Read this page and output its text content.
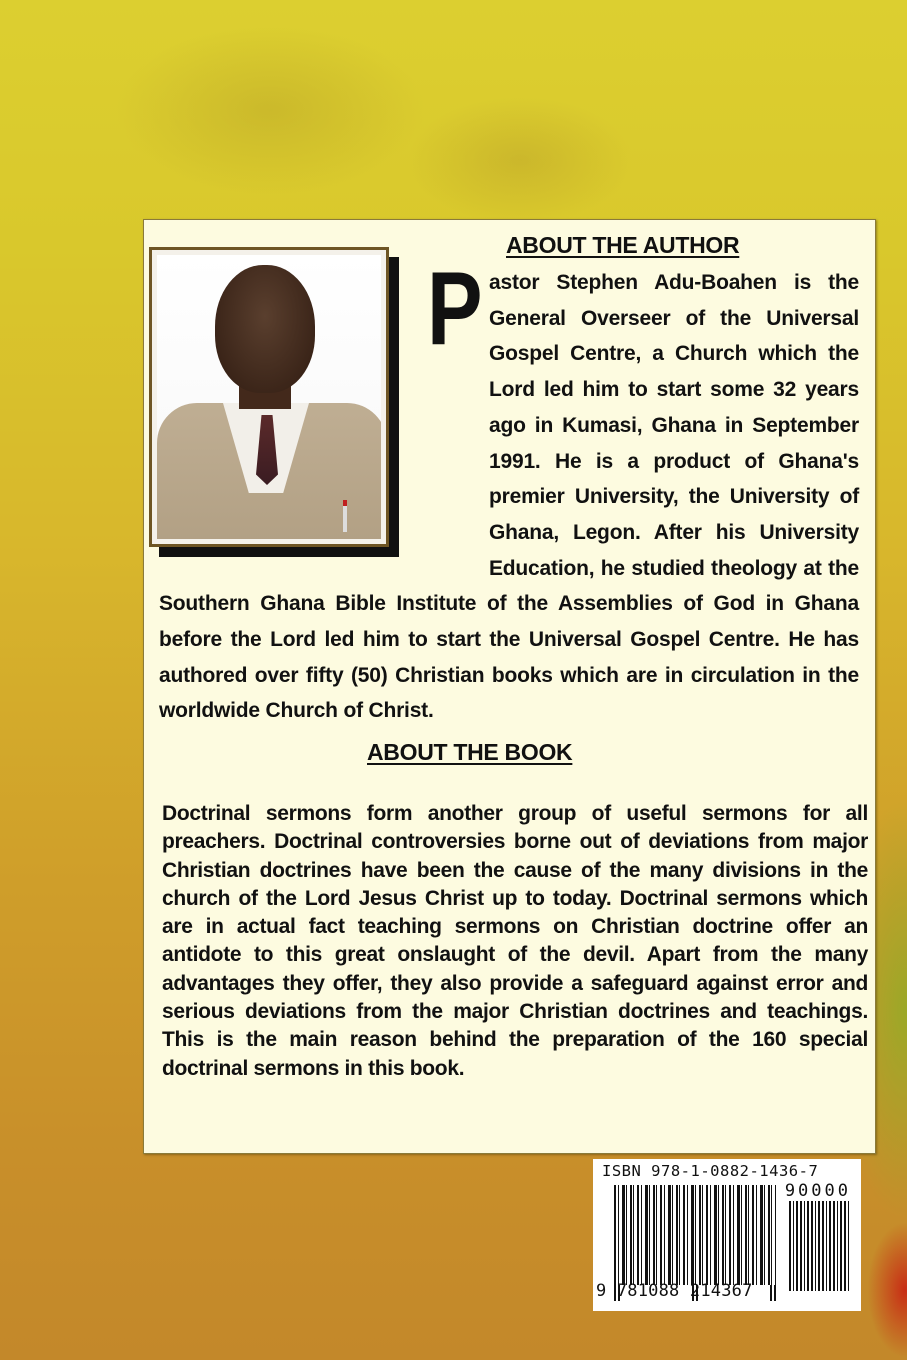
ABOUT THE AUTHOR
P astor Stephen Adu-Boahen is the General Overseer of the Universal Gospel Centre, a Church which the Lord led him to start some 32 years ago in Kumasi, Ghana in September 1991. He is a product of Ghana's premier University, the University of Ghana, Legon. After his University Education, he studied theology at the Southern Ghana Bible Institute of the Assemblies of God in Ghana before the Lord led him to start the Universal Gospel Centre. He has authored over fifty (50) Christian books which are in circulation in the worldwide Church of Christ.

ABOUT THE BOOK

Doctrinal sermons form another group of useful sermons for all preachers. Doctrinal controversies borne out of deviations from major Christian doctrines have been the cause of the many divisions in the church of the Lord Jesus Christ up to today. Doctrinal sermons which are in actual fact teaching sermons on Christian doctrine offer an antidote to this great onslaught of the devil. Apart from the many advantages they offer, they also provide a safeguard against error and serious deviations from the major Christian doctrines and teachings. This is the main reason behind the preparation of the 160 special doctrinal sermons in this book.

ISBN 978-1-0882-1436-7
90000
9 781088 214367
